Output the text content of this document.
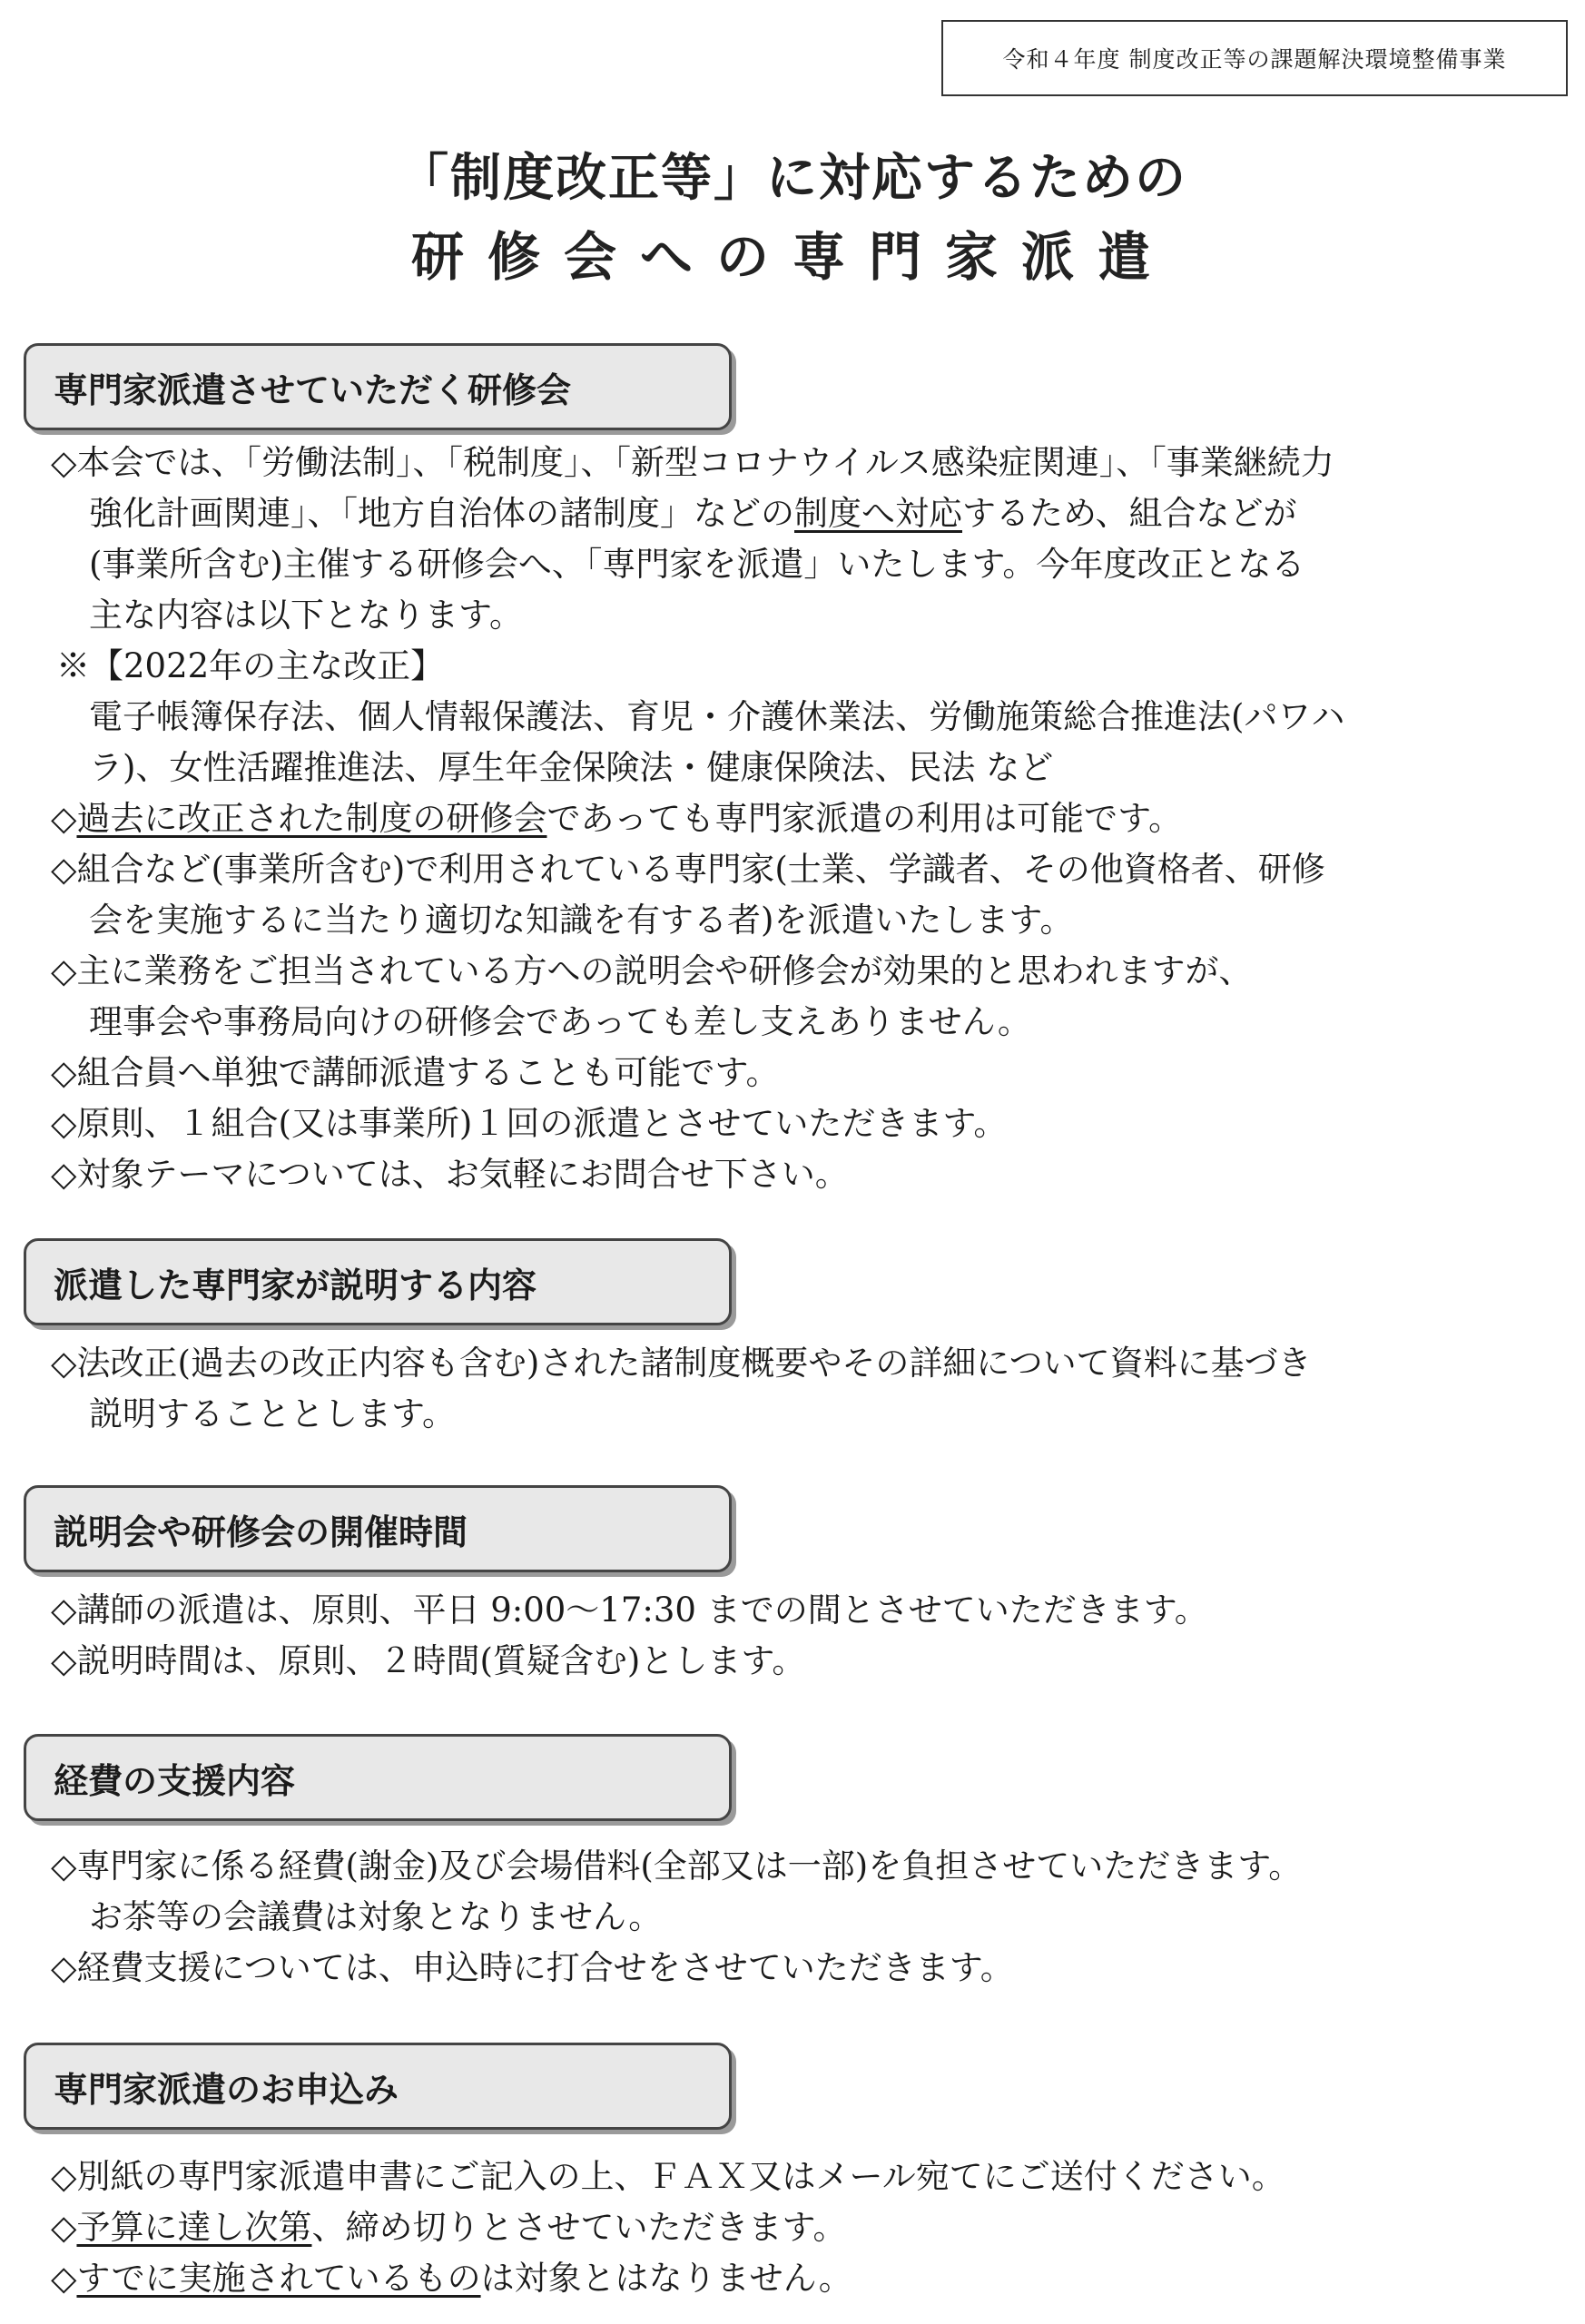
令和４年度 制度改正等の課題解決環境整備事業
「制度改正等」に対応するための
研修会への専門家派遣
専門家派遣させていただく研修会
◇本会では、「労働法制」、「税制度」、「新型コロナウイルス感染症関連」、「事業継続力
強化計画関連」、「地方自治体の諸制度」などの制度へ対応するため、組合などが
(事業所含む)主催する研修会へ、「専門家を派遣」いたします。今年度改正となる
主な内容は以下となります。
※【2022年の主な改正】
電子帳簿保存法、個人情報保護法、育児・介護休業法、労働施策総合推進法(パワハ
ラ)、女性活躍推進法、厚生年金保険法・健康保険法、民法 など
◇過去に改正された制度の研修会であっても専門家派遣の利用は可能です。
◇組合など(事業所含む)で利用されている専門家(士業、学識者、その他資格者、研修
会を実施するに当たり適切な知識を有する者)を派遣いたします。
◇主に業務をご担当されている方への説明会や研修会が効果的と思われますが、
理事会や事務局向けの研修会であっても差し支えありません。
◇組合員へ単独で講師派遣することも可能です。
◇原則、１組合(又は事業所)１回の派遣とさせていただきます。
◇対象テーマについては、お気軽にお問合せ下さい。
派遣した専門家が説明する内容
◇法改正(過去の改正内容も含む)された諸制度概要やその詳細について資料に基づき
説明することとします。
説明会や研修会の開催時間
◇講師の派遣は、原則、平日 9:00～17:30 までの間とさせていただきます。
◇説明時間は、原則、２時間(質疑含む)とします。
経費の支援内容
◇専門家に係る経費(謝金)及び会場借料(全部又は一部)を負担させていただきます。
お茶等の会議費は対象となりません。
◇経費支援については、申込時に打合せをさせていただきます。
専門家派遣のお申込み
◇別紙の専門家派遣申書にご記入の上、ＦＡＸ又はメール宛てにご送付ください。
◇予算に達し次第、締め切りとさせていただきます。
◇すでに実施されているものは対象とはなりません。
